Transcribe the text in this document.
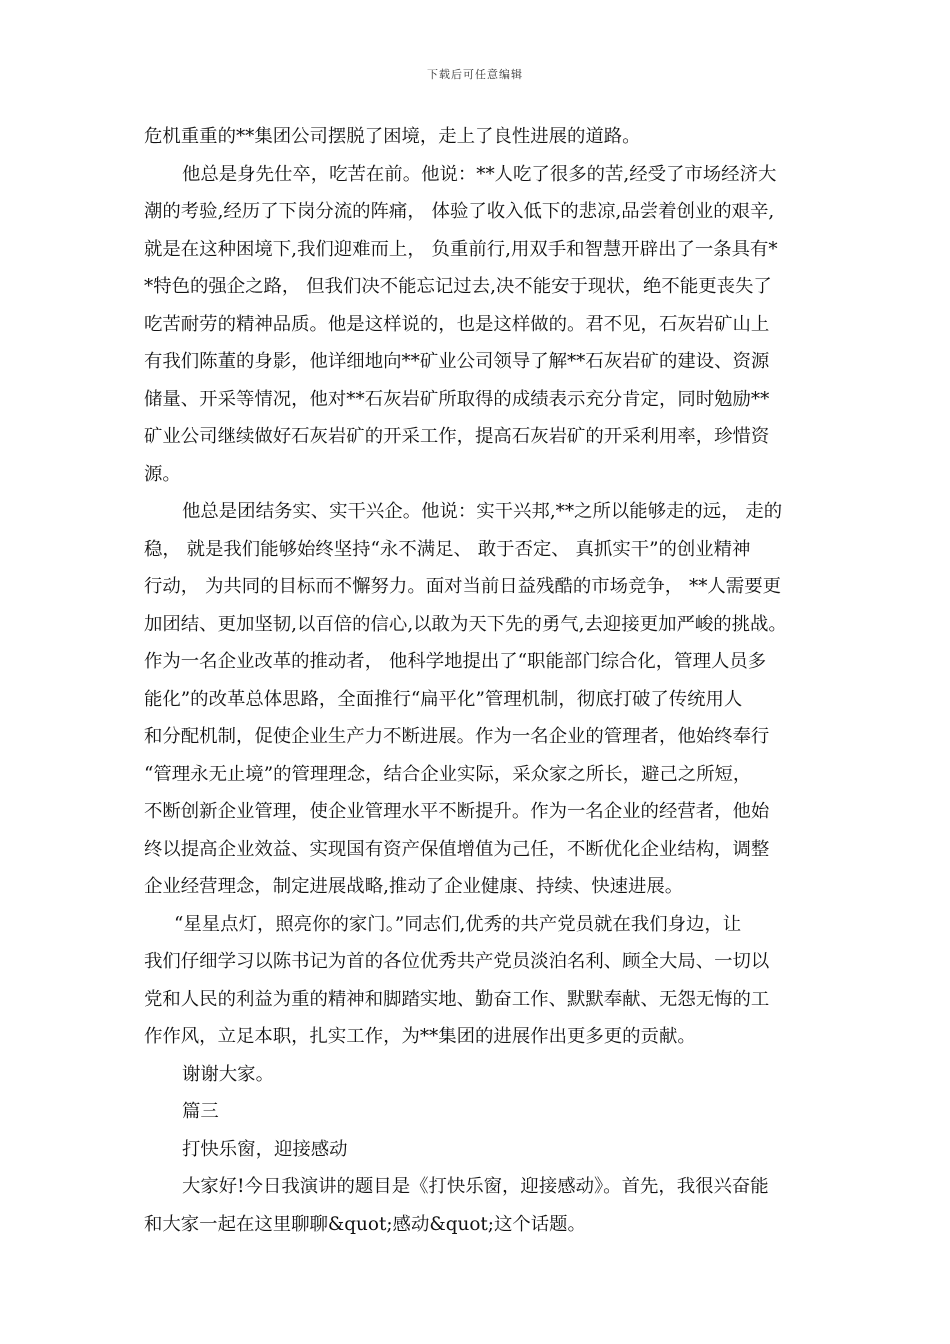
下载后可任意编辑
危机重重的**集团公司摆脱了困境，走上了良性进展的道路。
他总是身先仕卒，吃苦在前。他说：**人吃了很多的苦,经受了市场经济大
潮的考验,经历了下岗分流的阵痛， 体验了收入低下的悲凉,品尝着创业的艰辛,
就是在这种困境下,我们迎难而上， 负重前行,用双手和智慧开辟出了一条具有*
*特色的强企之路， 但我们决不能忘记过去,决不能安于现状，绝不能更丧失了
吃苦耐劳的精神品质。他是这样说的，也是这样做的。君不见，石灰岩矿山上
有我们陈董的身影，他详细地向**矿业公司领导了解**石灰岩矿的建设、资源
储量、开采等情况，他对**石灰岩矿所取得的成绩表示充分肯定，同时勉励**
矿业公司继续做好石灰岩矿的开采工作，提高石灰岩矿的开采利用率，珍惜资
源。
他总是团结务实、实干兴企。他说：实干兴邦,**之所以能够走的远， 走的
稳， 就是我们能够始终坚持“永不满足、 敢于否定、 真抓实干”的创业精神
行动， 为共同的目标而不懈努力。面对当前日益残酷的市场竞争， **人需要更
加团结、更加坚韧,以百倍的信心,以敢为天下先的勇气,去迎接更加严峻的挑战。
作为一名企业改革的推动者， 他科学地提出了“职能部门综合化，管理人员多
能化”的改革总体思路，全面推行“扁平化”管理机制，彻底打破了传统用人
和分配机制，促使企业生产力不断进展。作为一名企业的管理者，他始终奉行
“管理永无止境”的管理理念，结合企业实际，采众家之所长，避己之所短，
不断创新企业管理，使企业管理水平不断提升。作为一名企业的经营者，他始
终以提高企业效益、实现国有资产保值增值为己任，不断优化企业结构，调整
企业经营理念，制定进展战略,推动了企业健康、持续、快速进展。
“星星点灯，照亮你的家门。”同志们,优秀的共产党员就在我们身边，让
我们仔细学习以陈书记为首的各位优秀共产党员淡泊名利、顾全大局、一切以
党和人民的利益为重的精神和脚踏实地、勤奋工作、默默奉献、无怨无悔的工
作作风，立足本职，扎实工作，为**集团的进展作出更多更的贡献。
谢谢大家。
篇三
打快乐窗，迎接感动
大家好!今日我演讲的题目是《打快乐窗，迎接感动》。首先，我很兴奋能
和大家一起在这里聊聊&quot;感动&quot;这个话题。
